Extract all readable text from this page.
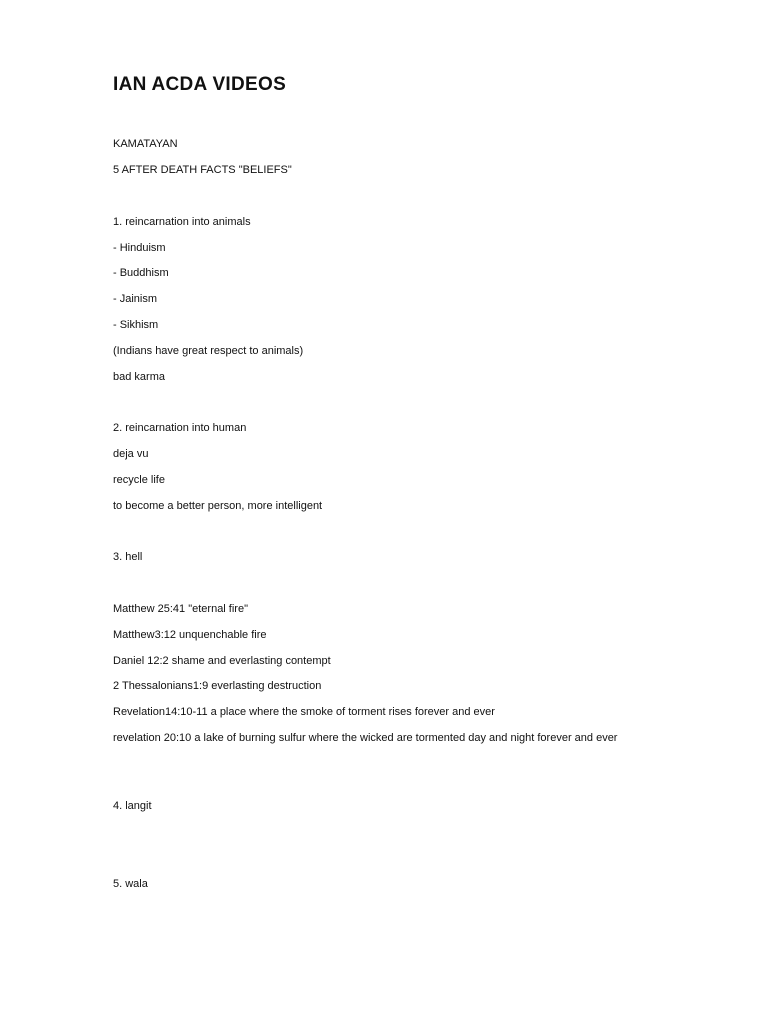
IAN ACDA VIDEOS
KAMATAYAN
5 AFTER DEATH FACTS "BELIEFS"
1. reincarnation into animals
- Hinduism
- Buddhism
- Jainism
- Sikhism
(Indians have great respect to animals)
bad karma
2. reincarnation into human
deja vu
recycle life
to become a better person, more intelligent
3. hell
Matthew 25:41 "eternal fire"
Matthew3:12 unquenchable fire
Daniel 12:2 shame and everlasting contempt
2 Thessalonians1:9 everlasting destruction
Revelation14:10-11 a place where the smoke of torment rises forever and ever
revelation 20:10 a lake of burning sulfur where the wicked are tormented day and night forever and ever
4. langit
5. wala
